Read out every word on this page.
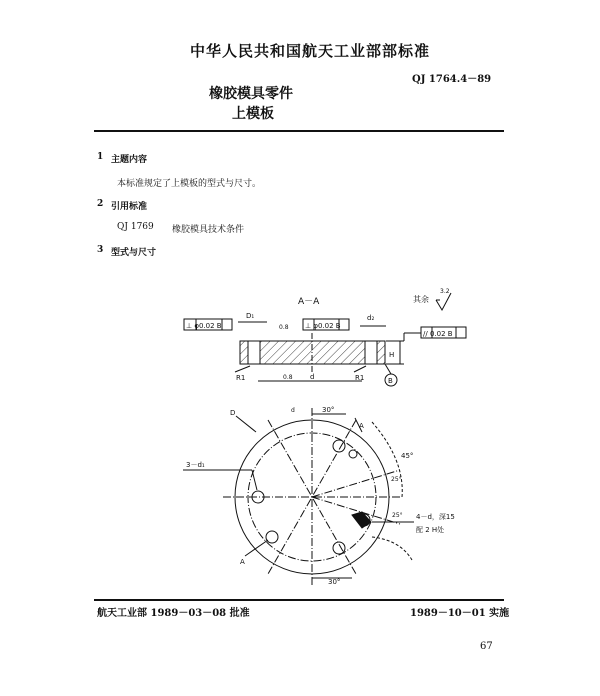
中华人民共和国航天工业部部标准
QJ 1764.4－89
橡胶模具零件
上模板
1 主题内容
本标准规定了上模板的型式与尺寸。
2 引用标准
QJ 1769 橡胶模具技术条件
3 型式与尺寸
A－A	其余
3.2
⊥ φ0.02 B	⊥ φ0.02 B
// 0.02 B
D₁	d₂
0.8
H
R1	R1
0.8 d	B
D	30°
d
A
45°
25°
25°
3－d₁
A
30°
4－d，深15
配 2 H处
航天工业部 1989－03－08 批准	1989－10－01 实施
67
